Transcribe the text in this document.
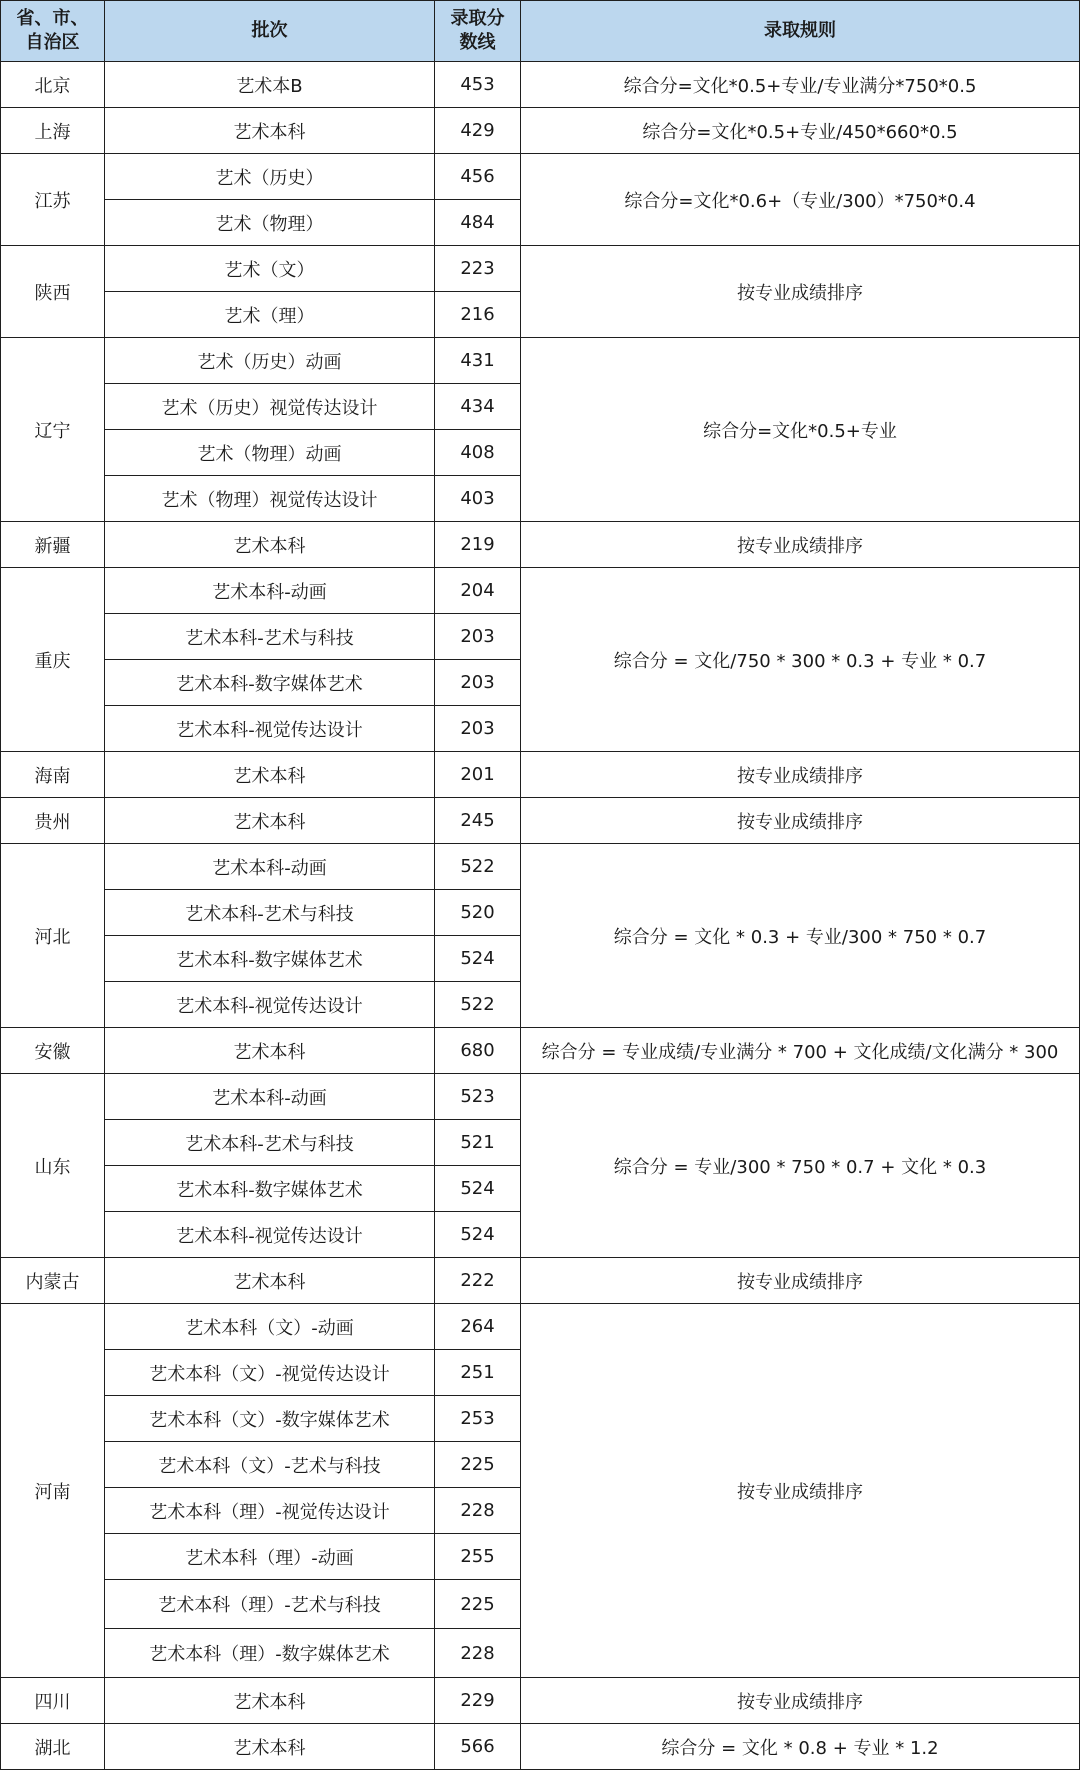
省、市、自治区	批次	录取分数线	录取规则
北京	艺术本B	453	综合分=文化*0.5+专业/专业满分*750*0.5
上海	艺术本科	429	综合分=文化*0.5+专业/450*660*0.5
江苏	艺术（历史）	456	综合分=文化*0.6+（专业/300）*750*0.4
	艺术（物理）	484	
陕西	艺术（文）	223	按专业成绩排序
	艺术（理）	216	
辽宁	艺术（历史）动画	431	综合分=文化*0.5+专业
	艺术（历史）视觉传达设计	434	
	艺术（物理）动画	408	
	艺术（物理）视觉传达设计	403	
新疆	艺术本科	219	按专业成绩排序
重庆	艺术本科-动画	204	综合分 = 文化/750 * 300 * 0.3 + 专业 * 0.7
	艺术本科-艺术与科技	203	
	艺术本科-数字媒体艺术	203	
	艺术本科-视觉传达设计	203	
海南	艺术本科	201	按专业成绩排序
贵州	艺术本科	245	按专业成绩排序
河北	艺术本科-动画	522	综合分 = 文化 * 0.3 + 专业/300 * 750 * 0.7
	艺术本科-艺术与科技	520	
	艺术本科-数字媒体艺术	524	
	艺术本科-视觉传达设计	522	
安徽	艺术本科	680	综合分 = 专业成绩/专业满分 * 700 + 文化成绩/文化满分 * 300
山东	艺术本科-动画	523	综合分 = 专业/300 * 750 * 0.7 + 文化 * 0.3
	艺术本科-艺术与科技	521	
	艺术本科-数字媒体艺术	524	
	艺术本科-视觉传达设计	524	
内蒙古	艺术本科	222	按专业成绩排序
河南	艺术本科（文）-动画	264	按专业成绩排序
	艺术本科（文）-视觉传达设计	251	
	艺术本科（文）-数字媒体艺术	253	
	艺术本科（文）-艺术与科技	225	
	艺术本科（理）-视觉传达设计	228	
	艺术本科（理）-动画	255	
	艺术本科（理）-艺术与科技	225	
	艺术本科（理）-数字媒体艺术	228	
四川	艺术本科	229	按专业成绩排序
湖北	艺术本科	566	综合分 = 文化 * 0.8 + 专业 * 1.2
